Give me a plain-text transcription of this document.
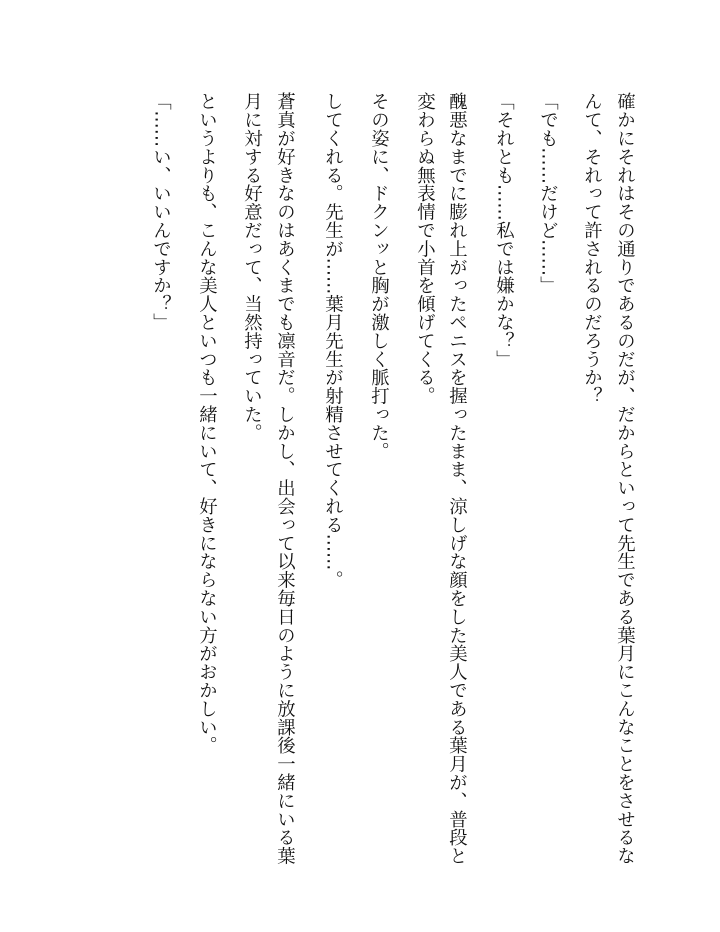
確かにそれはその通りであるのだが、だからといって先生である葉月にこんなことをさせるな
んて、それって許されるのだろうか？
「でも……だけど……」
「それとも……私では嫌かな？」
醜悪なまでに膨れ上がったペニスを握ったまま、涼しげな顔をした美人である葉月が、普段と
変わらぬ無表情で小首を傾げてくる。
その姿に、ドクンッと胸が激しく脈打った。
してくれる。先生が……葉月先生が射精させてくれる……。
蒼真が好きなのはあくまでも凛音だ。しかし、出会って以来毎日のように放課後一緒にいる葉
月に対する好意だって、当然持っていた。
というよりも、こんな美人といつも一緒にいて、好きにならない方がおかしい。
「……い、いいんですか？」
